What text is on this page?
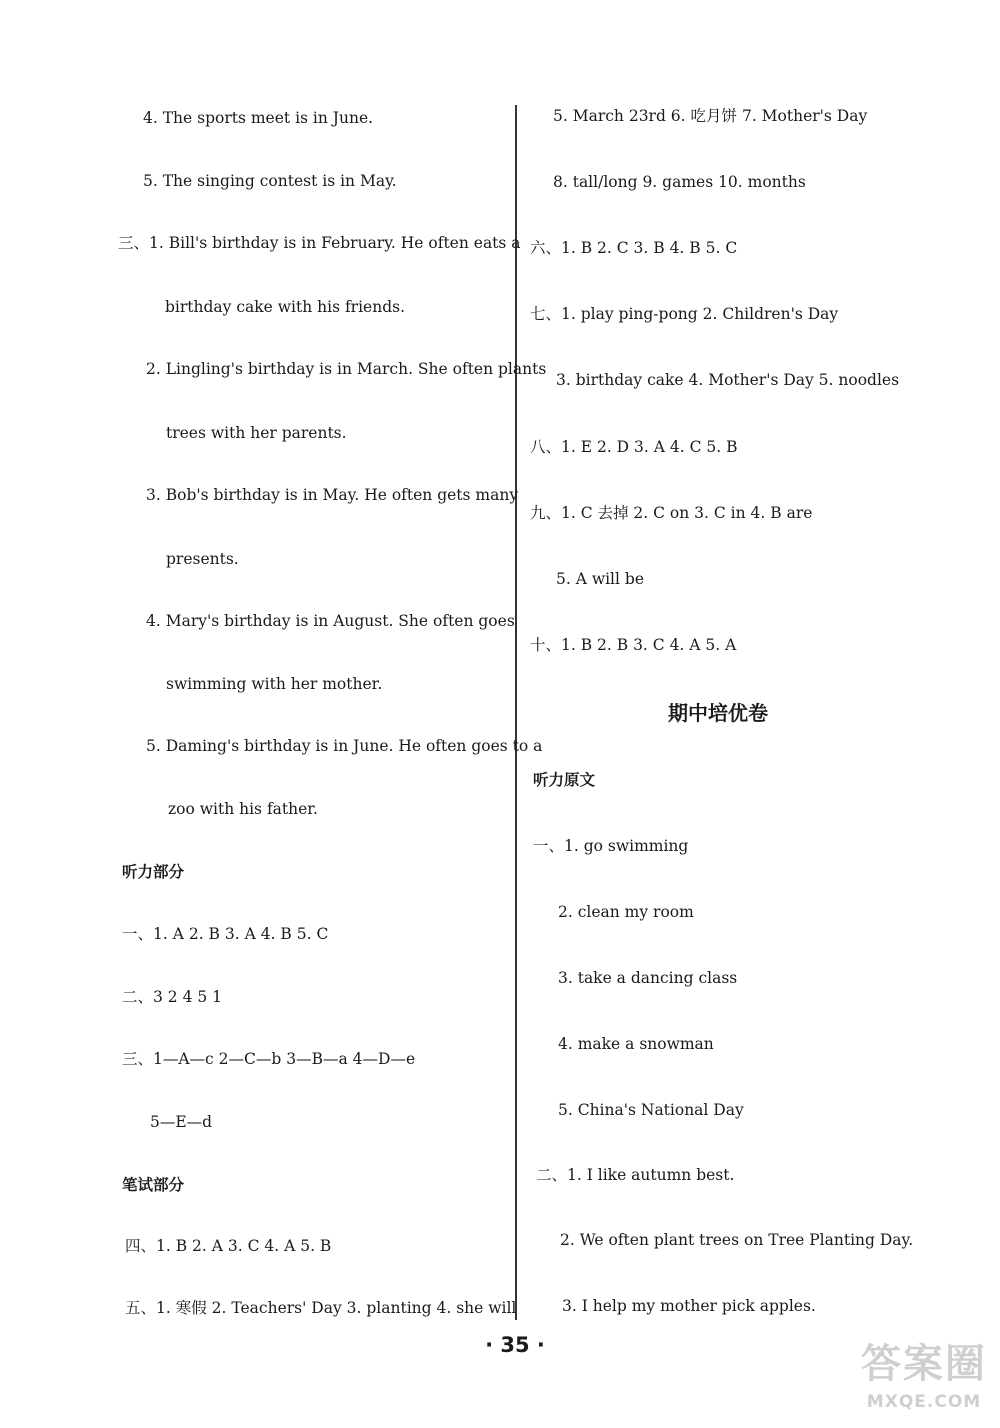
4. The sports meet is in June.
5. The singing contest is in May.
三、1. Bill's birthday is in February. He often eats a
birthday cake with his friends.
2. Lingling's birthday is in March. She often plants
trees with her parents.
3. Bob's birthday is in May. He often gets many
presents.
4. Mary's birthday is in August. She often goes
swimming with her mother.
5. Daming's birthday is in June. He often goes to a
zoo with his father.
听力部分
一、1. A 2. B 3. A 4. B 5. C
二、3 2 4 5 1
三、1—A—c 2—C—b 3—B—a 4—D—e
5—E—d
笔试部分
四、1. B 2. A 3. C 4. A 5. B
五、1. 寒假 2. Teachers' Day 3. planting 4. she will
5. March 23rd 6. 吃月饼 7. Mother's Day
8. tall/long 9. games 10. months
六、1. B 2. C 3. B 4. B 5. C
七、1. play ping-pong 2. Children's Day
3. birthday cake 4. Mother's Day 5. noodles
八、1. E 2. D 3. A 4. C 5. B
九、1. C 去掉 2. C on 3. C in 4. B are
5. A will be
十、1. B 2. B 3. C 4. A 5. A
期中培优卷
听力原文
一、1. go swimming
2. clean my room
3. take a dancing class
4. make a snowman
5. China's National Day
二、1. I like autumn best.
2. We often plant trees on Tree Planting Day.
3. I help my mother pick apples.
· 35 ·	答案圈
MXQE.COM
